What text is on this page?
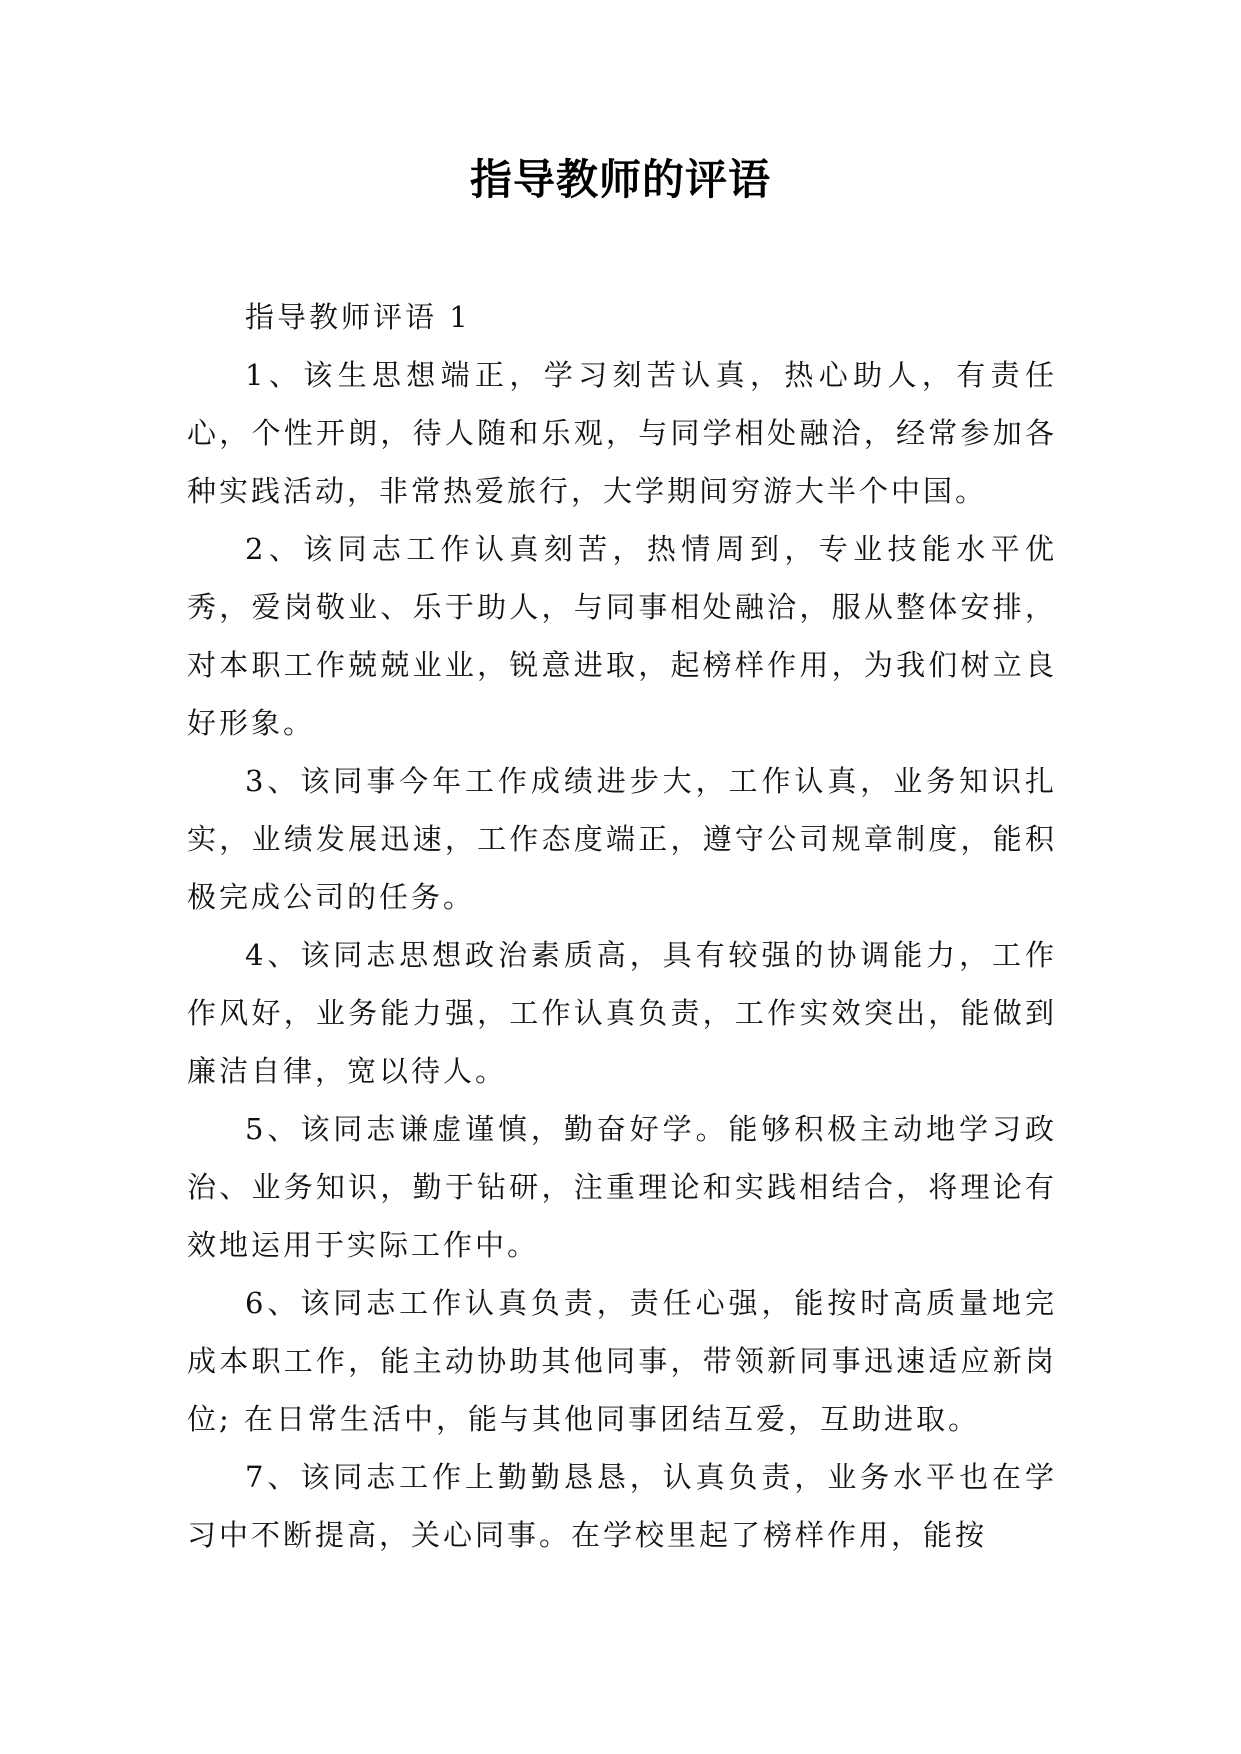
指导教师的评语

指导教师评语 1

1、该生思想端正，学习刻苦认真，热心助人，有责任心，个性开朗，待人随和乐观，与同学相处融洽，经常参加各种实践活动，非常热爱旅行，大学期间穷游大半个中国。

2、该同志工作认真刻苦，热情周到，专业技能水平优秀，爱岗敬业、乐于助人，与同事相处融洽，服从整体安排，对本职工作兢兢业业，锐意进取，起榜样作用，为我们树立良好形象。

3、该同事今年工作成绩进步大，工作认真，业务知识扎实，业绩发展迅速，工作态度端正，遵守公司规章制度，能积极完成公司的任务。

4、该同志思想政治素质高，具有较强的协调能力，工作作风好，业务能力强，工作认真负责，工作实效突出，能做到廉洁自律，宽以待人。

5、该同志谦虚谨慎，勤奋好学。能够积极主动地学习政治、业务知识，勤于钻研，注重理论和实践相结合，将理论有效地运用于实际工作中。

6、该同志工作认真负责，责任心强，能按时高质量地完成本职工作，能主动协助其他同事，带领新同事迅速适应新岗位; 在日常生活中，能与其他同事团结互爱，互助进取。

7、该同志工作上勤勤恳恳，认真负责，业务水平也在学习中不断提高，关心同事。在学校里起了榜样作用，能按
